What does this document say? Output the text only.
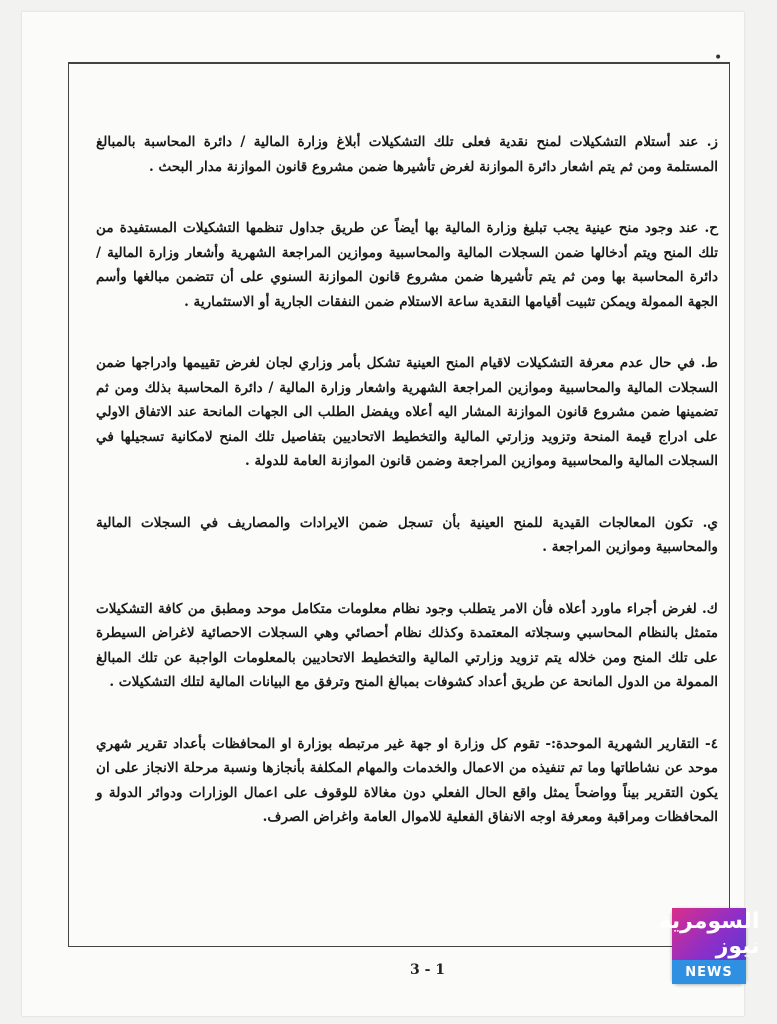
•

ز. عند أستلام التشكيلات لمنح نقدية فعلى تلك التشكيلات أبلاغ وزارة المالية / دائرة المحاسبة بالمبالغ المستلمة ومن ثم يتم اشعار دائرة الموازنة لغرض تأشيرها ضمن مشروع قانون الموازنة مدار البحث .

ح. عند وجود منح عينية يجب تبليغ وزارة المالية بها أيضاً عن طريق جداول تنظمها التشكيلات المستفيدة من تلك المنح ويتم أدخالها ضمن السجلات المالية والمحاسبية وموازين المراجعة الشهرية وأشعار وزارة المالية / دائرة المحاسبة بها ومن ثم يتم تأشيرها ضمن مشروع قانون الموازنة السنوي على أن تتضمن مبالغها وأسم الجهة الممولة ويمكن تثبيت أقيامها النقدية ساعة الاستلام ضمن النفقات الجارية أو الاستثمارية .

ط. في حال عدم معرفة التشكيلات لاقيام المنح العينية تشكل بأمر وزاري لجان لغرض تقييمها وادراجها ضمن السجلات المالية والمحاسبية وموازين المراجعة الشهرية واشعار وزارة المالية / دائرة المحاسبة بذلك ومن ثم تضمينها ضمن مشروع قانون الموازنة المشار اليه أعلاه ويفضل الطلب الى الجهات المانحة عند الاتفاق الاولي على ادراج قيمة المنحة وتزويد وزارتي المالية والتخطيط الاتحاديين بتفاصيل تلك المنح لامكانية تسجيلها في السجلات المالية والمحاسبية وموازين المراجعة وضمن قانون الموازنة العامة للدولة .

ي. تكون المعالجات القيدية للمنح العينية بأن تسجل ضمن الايرادات والمصاريف في السجلات المالية والمحاسبية وموازين المراجعة .

ك. لغرض أجراء ماورد أعلاه فأن الامر يتطلب وجود نظام معلومات متكامل موحد ومطبق من كافة التشكيلات متمثل بالنظام المحاسبي وسجلاته المعتمدة وكذلك نظام أحصائي وهي السجلات الاحصائية لاغراض السيطرة على تلك المنح ومن خلاله يتم تزويد وزارتي المالية والتخطيط الاتحاديين بالمعلومات الواجبة عن تلك المبالغ الممولة من الدول المانحة عن طريق أعداد كشوفات بمبالغ المنح وترفق مع البيانات المالية لتلك التشكيلات .

٤- التقارير الشهرية الموحدة:- تقوم كل وزارة او جهة غير مرتبطه بوزارة او المحافظات بأعداد تقرير شهري موحد عن نشاطاتها وما تم تنفيذه من الاعمال والخدمات والمهام المكلفة بأنجازها ونسبة مرحلة الانجاز على ان يكون التقرير بيناً وواضحاً يمثل واقع الحال الفعلي دون مغالاة للوقوف على اعمال الوزارات ودوائر الدولة و المحافظات ومراقبة ومعرفة اوجه الانفاق الفعلية للاموال العامة واغراض الصرف.

3 - 1
السومرية نيوز
NEWS
